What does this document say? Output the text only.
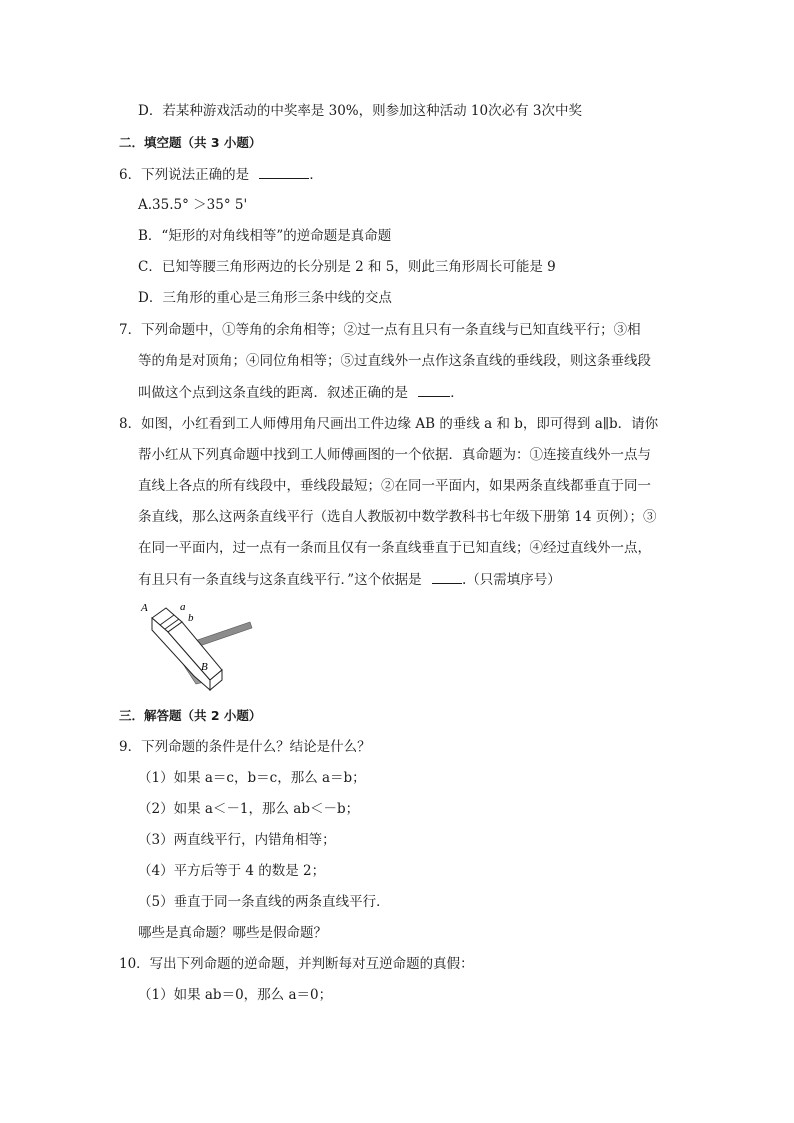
D．若某种游戏活动的中奖率是 30%，则参加这种活动 10次必有 3次中奖
二．填空题（共 3 小题）
6．下列说法正确的是	．
A.35.5° ＞35° 5'
B．“矩形的对角线相等”的逆命题是真命题
C．已知等腰三角形两边的长分别是 2 和 5，则此三角形周长可能是 9
D．三角形的重心是三角形三条中线的交点
7．下列命题中，①等角的余角相等；②过一点有且只有一条直线与已知直线平行；③相
等的角是对顶角；④同位角相等；⑤过直线外一点作这条直线的垂线段，则这条垂线段
叫做这个点到这条直线的距离．叙述正确的是	．
8．如图，小红看到工人师傅用角尺画出工件边缘 AB 的垂线 a 和 b，即可得到 a∥b．请你
帮小红从下列真命题中找到工人师傅画图的一个依据．真命题为：①连接直线外一点与
直线上各点的所有线段中，垂线段最短；②在同一平面内，如果两条直线都垂直于同一
条直线，那么这两条直线平行（选自人教版初中数学教科书七年级下册第 14 页例）；③
在同一平面内，过一点有一条而且仅有一条直线垂直于已知直线；④经过直线外一点，
有且只有一条直线与这条直线平行．”这个依据是	.（只需填序号）
A	a
b
B
三．解答题（共 2 小题）
9．下列命题的条件是什么？结论是什么？
（1）如果 a＝c，b＝c，那么 a＝b；
（2）如果 a＜－1，那么 ab＜－b；
（3）两直线平行，内错角相等；
（4）平方后等于 4 的数是 2；
（5）垂直于同一条直线的两条直线平行．
哪些是真命题？哪些是假命题？
10．写出下列命题的逆命题，并判断每对互逆命题的真假：
（1）如果 ab＝0，那么 a＝0；
